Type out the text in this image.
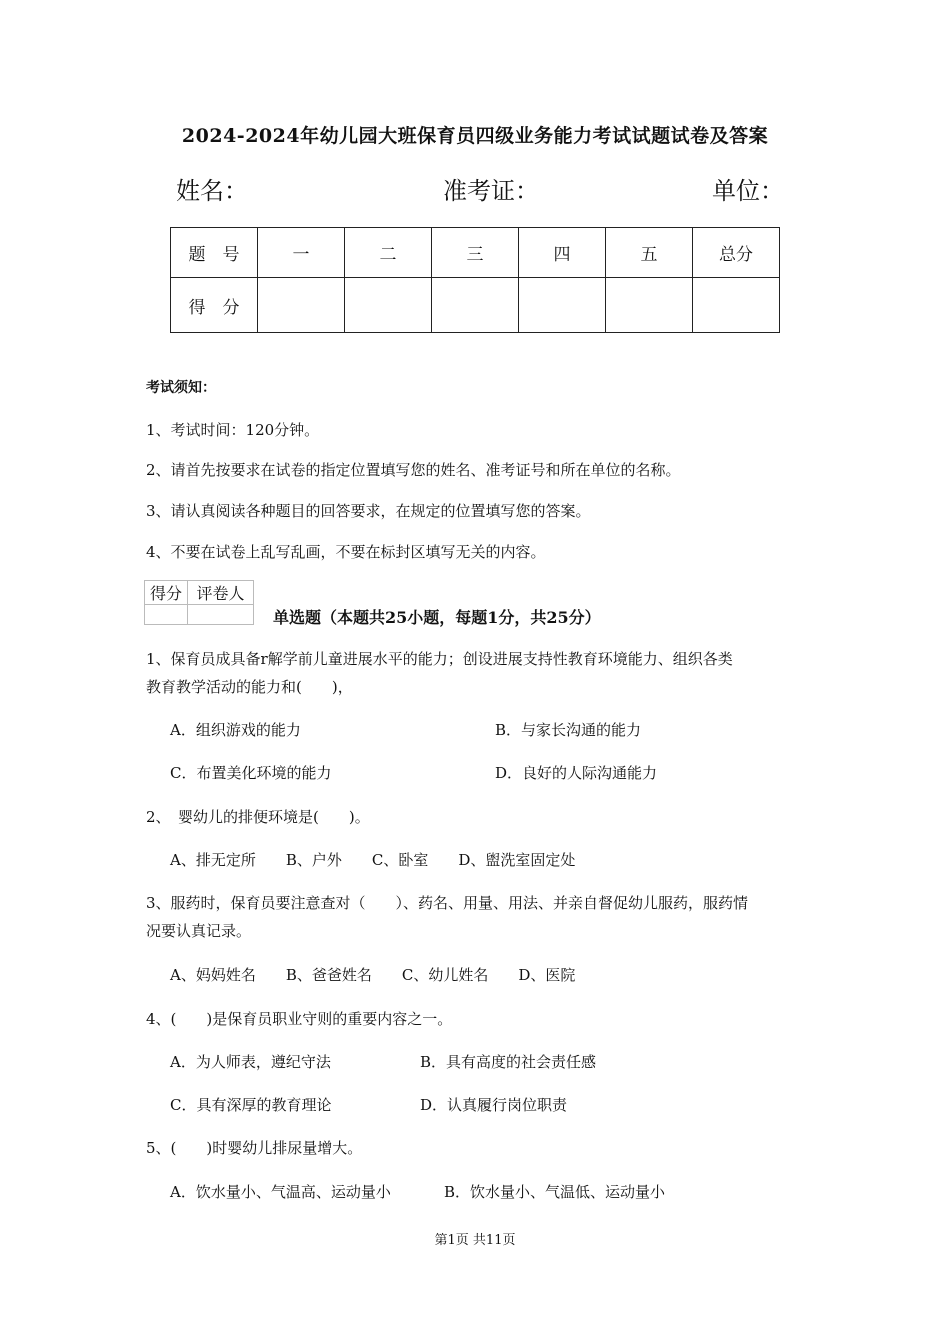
2024-2024年幼儿园大班保育员四级业务能力考试试题试卷及答案
姓名：	准考证：	单位：
题　号	一	二	三	四	五	总分
得　分						
考试须知：
1、考试时间：120分钟。
2、请首先按要求在试卷的指定位置填写您的姓名、准考证号和所在单位的名称。
3、请认真阅读各种题目的回答要求，在规定的位置填写您的答案。
4、不要在试卷上乱写乱画，不要在标封区填写无关的内容。
得分	评卷人

单选题（本题共25小题，每题1分，共25分）
1、保育员成具备r解学前儿童进展水平的能力；创设进展支持性教育环境能力、组织各类
教育教学活动的能力和(　　)，
A．组织游戏的能力	B．与家长沟通的能力
C．布置美化环境的能力	D．良好的人际沟通能力
2、　婴幼儿的排便环境是(　　)。
A、排无定所　　B、户外　　C、卧室　　D、盥洗室固定处
3、服药时，保育员要注意查对（　　）、药名、用量、用法、并亲自督促幼儿服药，服药情
况要认真记录。
A、妈妈姓名　　B、爸爸姓名　　C、幼儿姓名　　D、医院
4、(　　)是保育员职业守则的重要内容之一。
A．为人师表，遵纪守法	B．具有高度的社会责任感
C．具有深厚的教育理论	D．认真履行岗位职责
5、(　　)时婴幼儿排尿量增大。
A．饮水量小、气温高、运动量小	B．饮水量小、气温低、运动量小
第1页 共11页
